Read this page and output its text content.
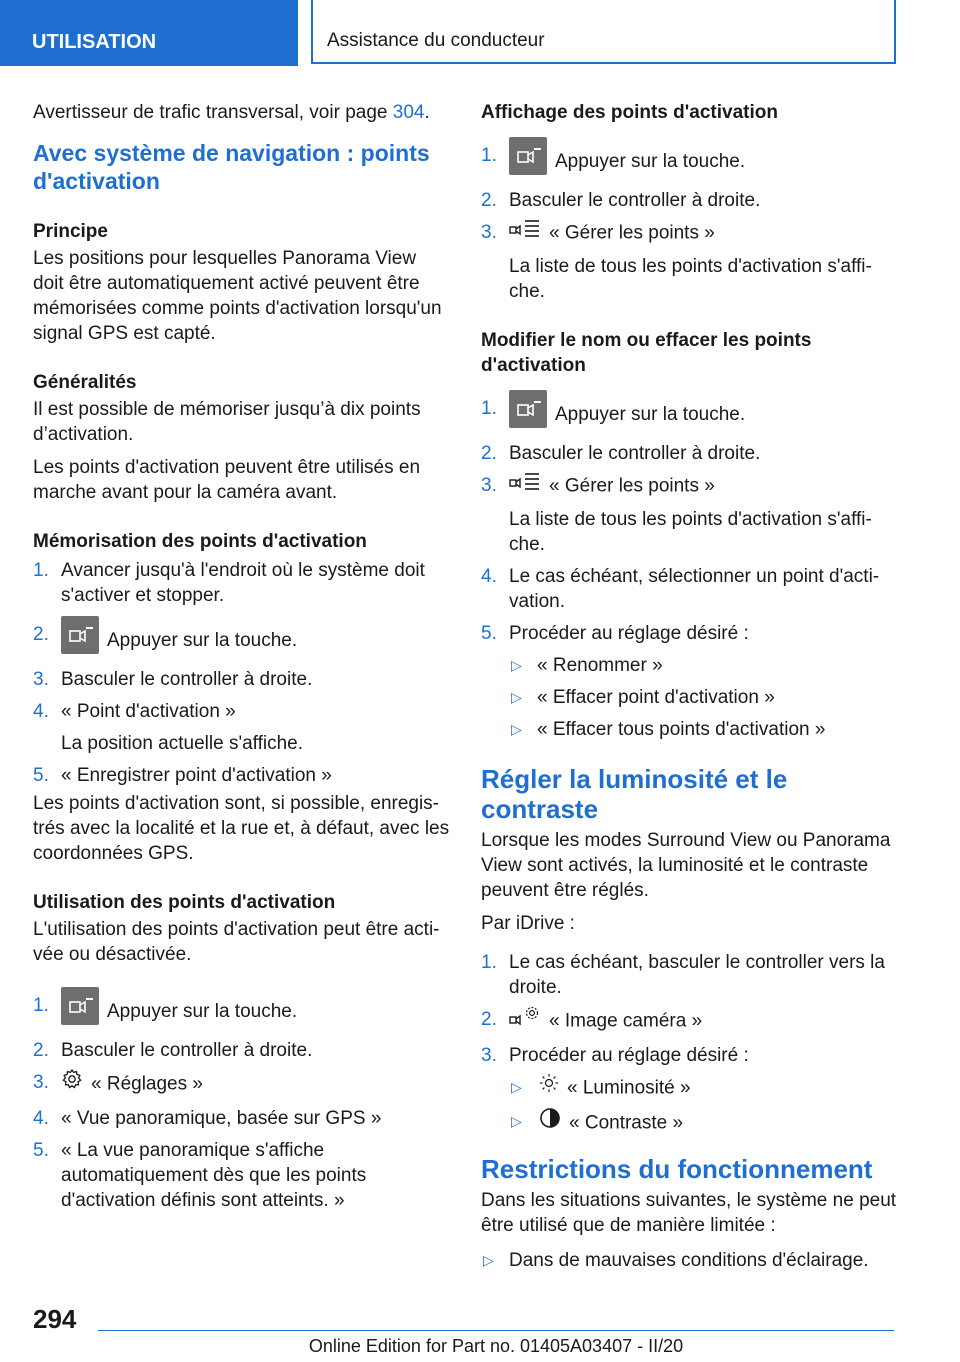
UTILISATION	Assistance du conducteur

Avertisseur de trafic transversal, voir page 304.

Avec système de navigation : points d'activation
Principe

Les positions pour lesquelles Panorama View doit être automatiquement activé peuvent être mémorisées comme points d'activation lorsqu'un signal GPS est capté.

Généralités

Il est possible de mémoriser jusqu’à dix points d’activation.

Les points d'activation peuvent être utilisés en marche avant pour la caméra avant.

Mémorisation des points d'activation
1. Avancer jusqu'à l'endroit où le système doit s'activer et stopper.
2.	Appuyer sur la touche.
3. Basculer le controller à droite.
4. « Point d'activation »
La position actuelle s'affiche.
5. « Enregistrer point d'activation »

Les points d'activation sont, si possible, enregis‐trés avec la localité et la rue et, à défaut, avec les coordonnées GPS.

Utilisation des points d'activation

L'utilisation des points d'activation peut être acti‐vée ou désactivée.

1.	Appuyer sur la touche.
2. Basculer le controller à droite.
3. « Réglages »
4. « Vue panoramique, basée sur GPS »
5. « La vue panoramique s'affiche automatiquement dès que les points d'activation définis sont atteints. »
Affichage des points d'activation
1.	Appuyer sur la touche.
2. Basculer le controller à droite.
3.	« Gérer les points »
La liste de tous les points d'activation s'affi‐che.
Modifier le nom ou effacer les points d'activation
1.	Appuyer sur la touche.
2. Basculer le controller à droite.
3.	« Gérer les points »
La liste de tous les points d'activation s'affi‐che.
4. Le cas échéant, sélectionner un point d'acti‐vation.
5. Procéder au réglage désiré :
▷ « Renommer »
▷ « Effacer point d'activation »
▷ « Effacer tous points d'activation »
Régler la luminosité et le contraste

Lorsque les modes Surround View ou Panorama View sont activés, la luminosité et le contraste peuvent être réglés.

Par iDrive :

1. Le cas échéant, basculer le controller vers la droite.
2.	« Image caméra »
3. Procéder au réglage désiré :
▷ « Luminosité »
▷ « Contraste »
Restrictions du fonctionnement

Dans les situations suivantes, le système ne peut être utilisé que de manière limitée :

▷ Dans de mauvaises conditions d'éclairage.
294
Online Edition for Part no. 01405A03407 - II/20
